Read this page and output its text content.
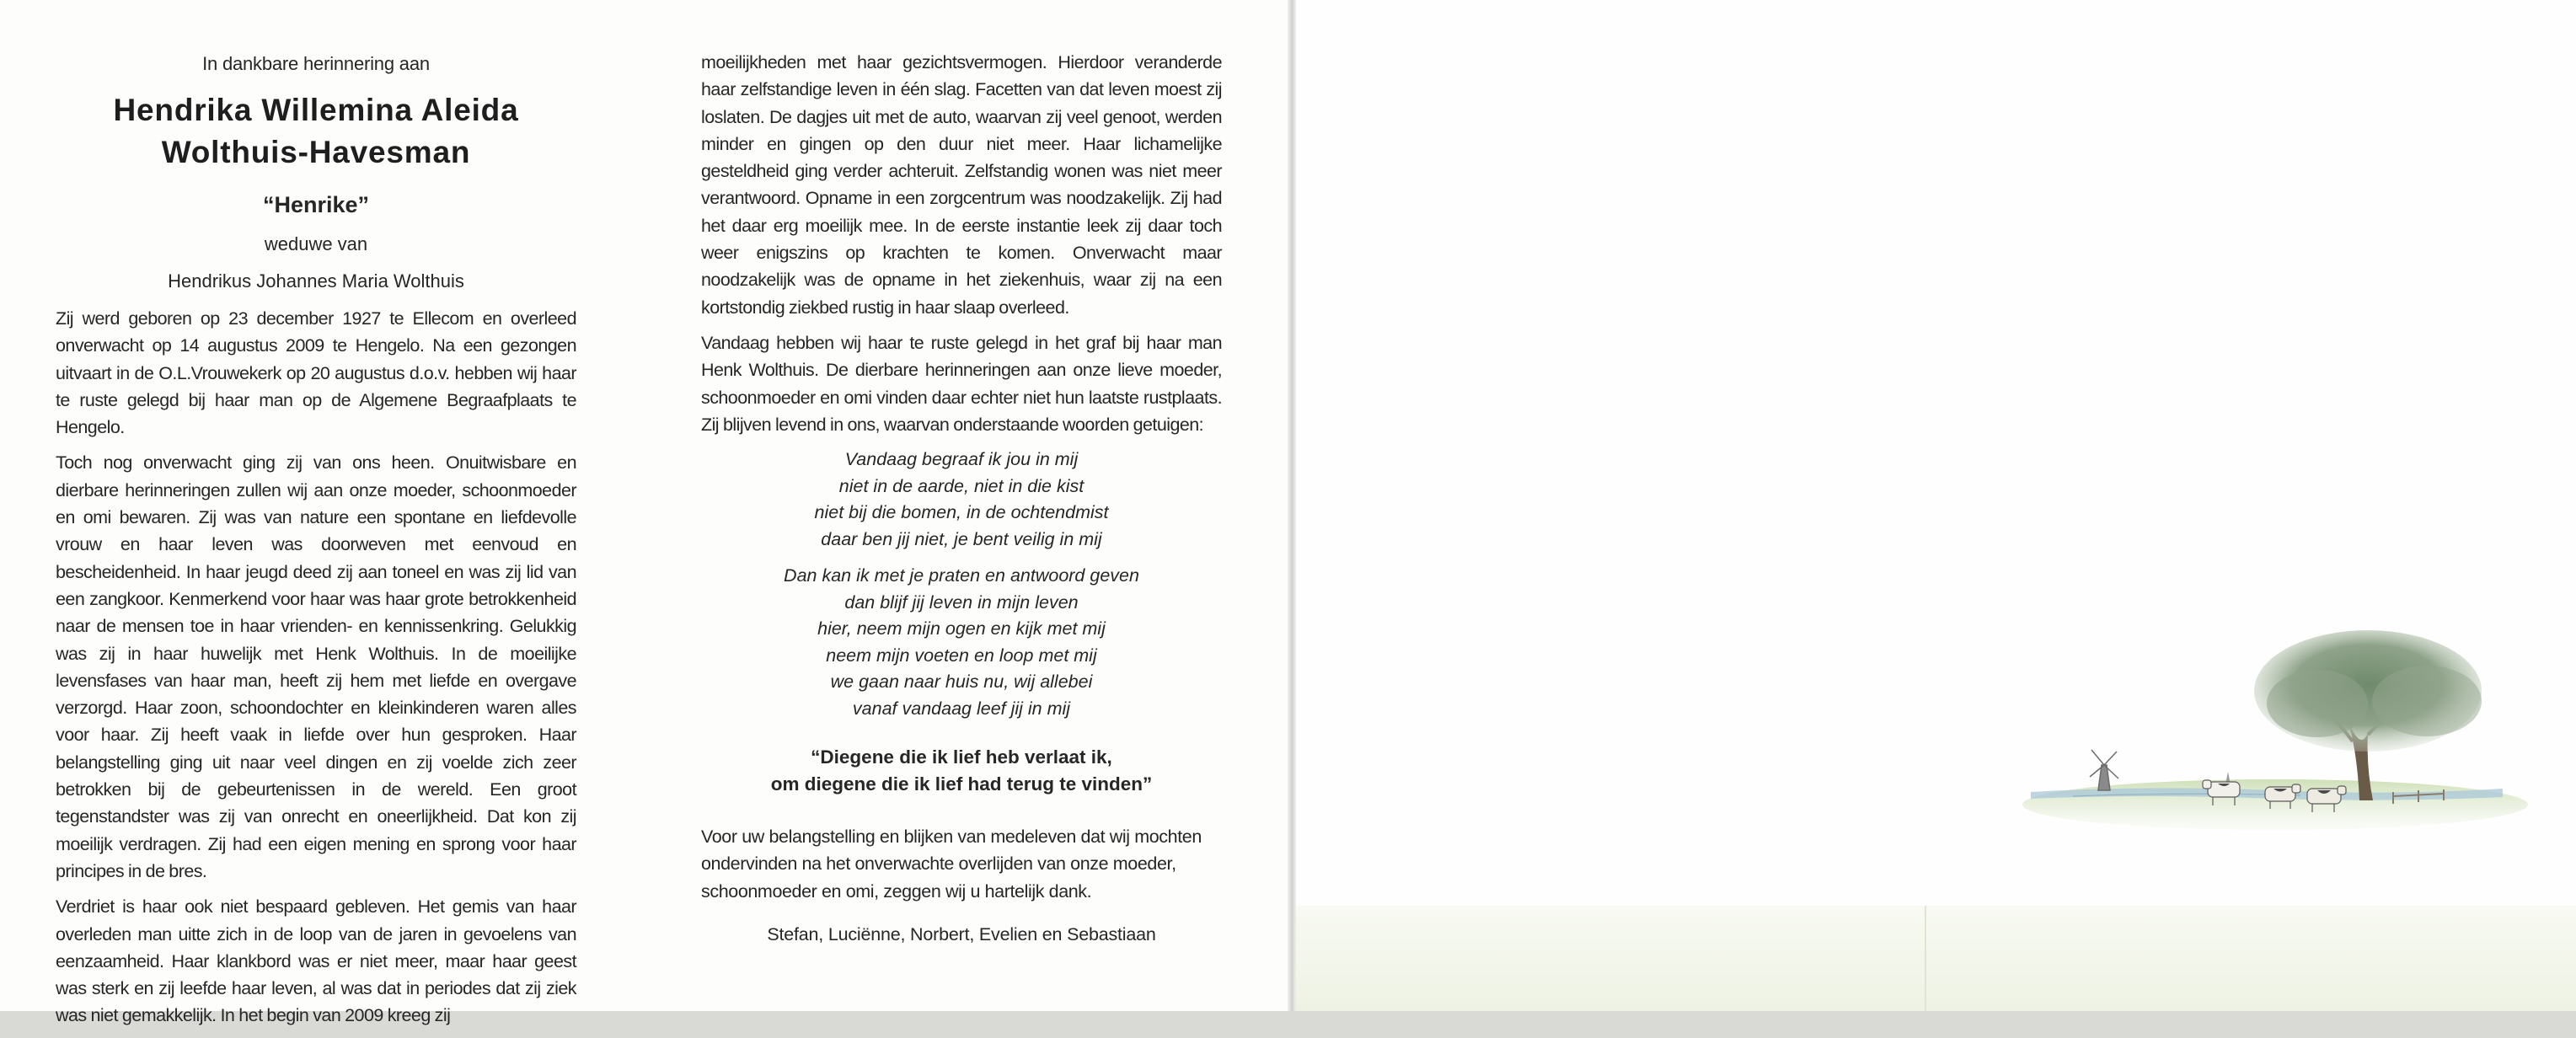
In dankbare herinnering aan
Hendrika Willemina Aleida
Wolthuis-Havesman
“Henrike”
weduwe van
Hendrikus Johannes Maria Wolthuis

Zij werd geboren op 23 december 1927 te Ellecom en overleed onverwacht op 14 augustus 2009 te Hengelo. Na een gezongen uitvaart in de O.L.Vrouwekerk op 20 augustus d.o.v. hebben wij haar te ruste gelegd bij haar man op de Algemene Begraafplaats te Hengelo.

Toch nog onverwacht ging zij van ons heen. Onuitwisbare en dierbare herinneringen zullen wij aan onze moeder, schoonmoeder en omi bewaren. Zij was van nature een spontane en liefdevolle vrouw en haar leven was doorweven met eenvoud en bescheidenheid. In haar jeugd deed zij aan toneel en was zij lid van een zangkoor. Kenmerkend voor haar was haar grote betrokkenheid naar de mensen toe in haar vrienden- en kennissenkring. Gelukkig was zij in haar huwelijk met Henk Wolthuis. In de moeilijke levensfases van haar man, heeft zij hem met liefde en overgave verzorgd. Haar zoon, schoondochter en kleinkinderen waren alles voor haar. Zij heeft vaak in liefde over hun gesproken. Haar belangstelling ging uit naar veel dingen en zij voelde zich zeer betrokken bij de gebeurtenissen in de wereld. Een groot tegenstandster was zij van onrecht en oneerlijkheid. Dat kon zij moeilijk verdragen. Zij had een eigen mening en sprong voor haar principes in de bres.

Verdriet is haar ook niet bespaard gebleven. Het gemis van haar overleden man uitte zich in de loop van de jaren in gevoelens van eenzaamheid. Haar klankbord was er niet meer, maar haar geest was sterk en zij leefde haar leven, al was dat in periodes dat zij ziek was niet gemakkelijk. In het begin van 2009 kreeg zij

moeilijkheden met haar gezichtsvermogen. Hierdoor veranderde haar zelfstandige leven in één slag. Facetten van dat leven moest zij loslaten. De dagjes uit met de auto, waarvan zij veel genoot, werden minder en gingen op den duur niet meer. Haar lichamelijke gesteldheid ging verder achteruit. Zelfstandig wonen was niet meer verantwoord. Opname in een zorgcentrum was noodzakelijk. Zij had het daar erg moeilijk mee. In de eerste instantie leek zij daar toch weer enigszins op krachten te komen. Onverwacht maar noodzakelijk was de opname in het ziekenhuis, waar zij na een kortstondig ziekbed rustig in haar slaap overleed.

Vandaag hebben wij haar te ruste gelegd in het graf bij haar man Henk Wolthuis. De dierbare herinneringen aan onze lieve moeder, schoonmoeder en omi vinden daar echter niet hun laatste rustplaats. Zij blijven levend in ons, waarvan onderstaande woorden getuigen:

Vandaag begraaf ik jou in mij
niet in de aarde, niet in die kist
niet bij die bomen, in de ochtendmist
daar ben jij niet, je bent veilig in mij
Dan kan ik met je praten en antwoord geven
dan blijf jij leven in mijn leven
hier, neem mijn ogen en kijk met mij
neem mijn voeten en loop met mij
we gaan naar huis nu, wij allebei
vanaf vandaag leef jij in mij
“Diegene die ik lief heb verlaat ik,
om diegene die ik lief had terug te vinden”

Voor uw belangstelling en blijken van medeleven dat wij mochten ondervinden na het onverwachte overlijden van onze moeder, schoonmoeder en omi, zeggen wij u hartelijk dank.

Stefan, Luciënne, Norbert, Evelien en Sebastiaan
